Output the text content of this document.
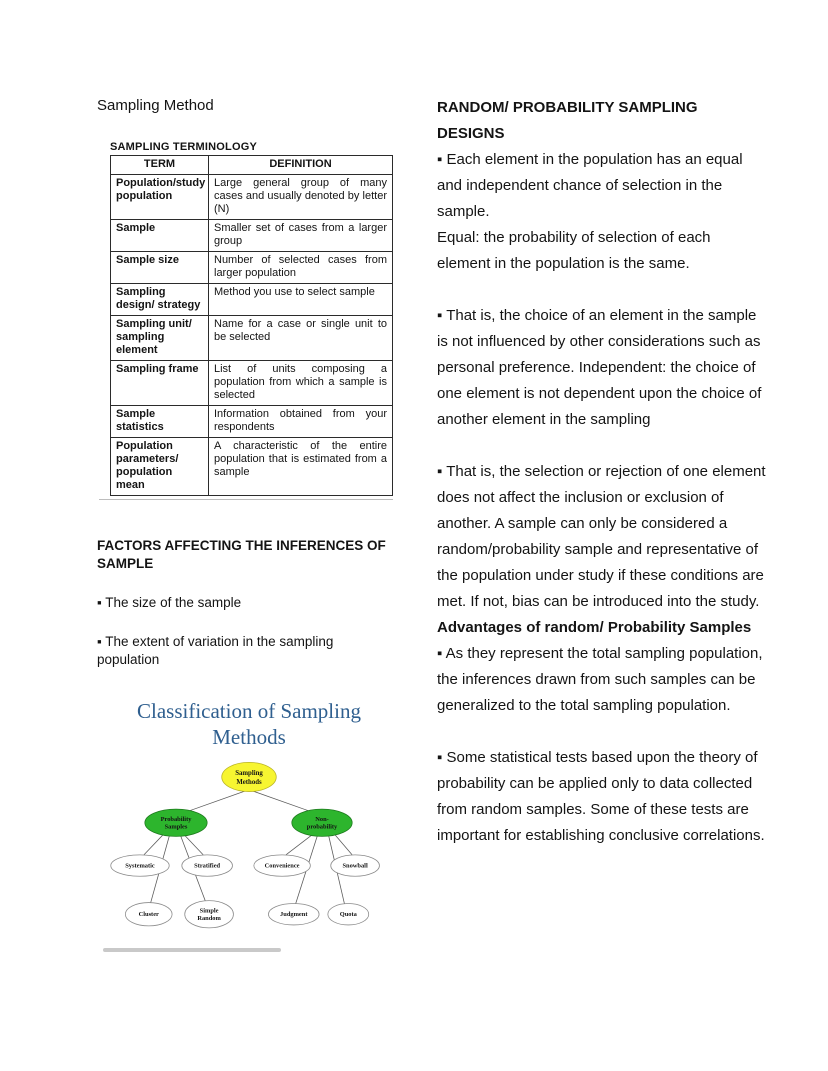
Sampling Method
SAMPLING TERMINOLOGY
TERM	DEFINITION
Population/study population	Large general group of many cases and usually denoted by letter (N)
Sample	Smaller set of cases from a larger group
Sample size	Number of selected cases from larger population
Sampling design/ strategy	Method you use to select sample
Sampling unit/ sampling element	Name for a case or single unit to be selected
Sampling frame	List of units composing a population from which a sample is selected
Sample statistics	Information obtained from your respondents
Population parameters/ population mean	A characteristic of the entire population that is estimated from a sample
FACTORS AFFECTING THE INFERENCES OF SAMPLE
▪ The size of the sample
▪ The extent of variation in the sampling population
Classification of Sampling
Methods
Sampling
Methods
Probability
Samples
Non-
probability
Systematic	Stratified	Convenience	Snowball
Cluster
Simple
Random
Judgment	Quota
RANDOM/ PROBABILITY SAMPLING DESIGNS
▪ Each element in the population has an equal and independent chance of selection in the sample.
Equal: the probability of selection of each element in the population is the same.
▪ That is, the choice of an element in the sample is not influenced by other considerations such as personal preference. Independent: the choice of one element is not dependent upon the choice of another element in the sampling
▪ That is, the selection or rejection of one element does not affect the inclusion or exclusion of another. A sample can only be considered a random/probability sample and representative of the population under study if these conditions are met. If not, bias can be introduced into the study.
Advantages of random/ Probability Samples
▪ As they represent the total sampling population, the inferences drawn from such samples can be generalized to the total sampling population.
▪ Some statistical tests based upon the theory of probability can be applied only to data collected from random samples. Some of these tests are important for establishing conclusive correlations.
